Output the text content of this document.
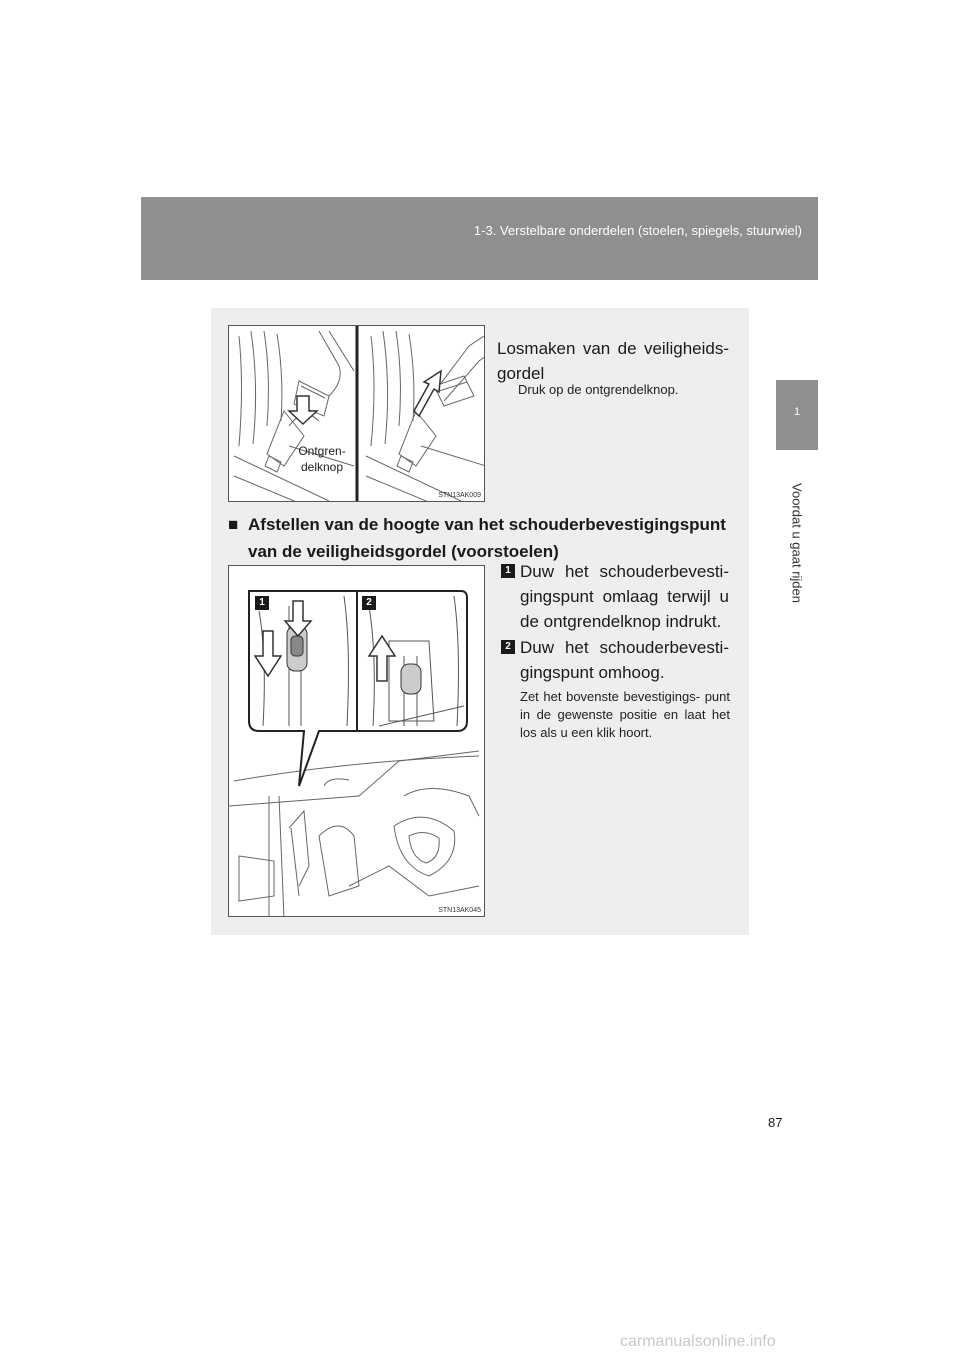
1-3. Verstelbare onderdelen (stoelen, spiegels, stuurwiel)
1
Voordat u gaat rijden
Ontgren- delknop
STN13AK009
Losmaken van de veiligheids- gordel
Druk op de ontgrendelknop.
■ Afstellen van de hoogte van het schouderbevestigingspunt
van de veiligheidsgordel (voorstoelen)
1	2
STN13AK045
1 Duw het schouderbevesti- gingspunt omlaag terwijl u de ontgrendelknop indrukt.
2 Duw het schouderbevesti- gingspunt omhoog.
Zet het bovenste bevestigings- punt in de gewenste positie en laat het los als u een klik hoort.
87
carmanualsonline.info
